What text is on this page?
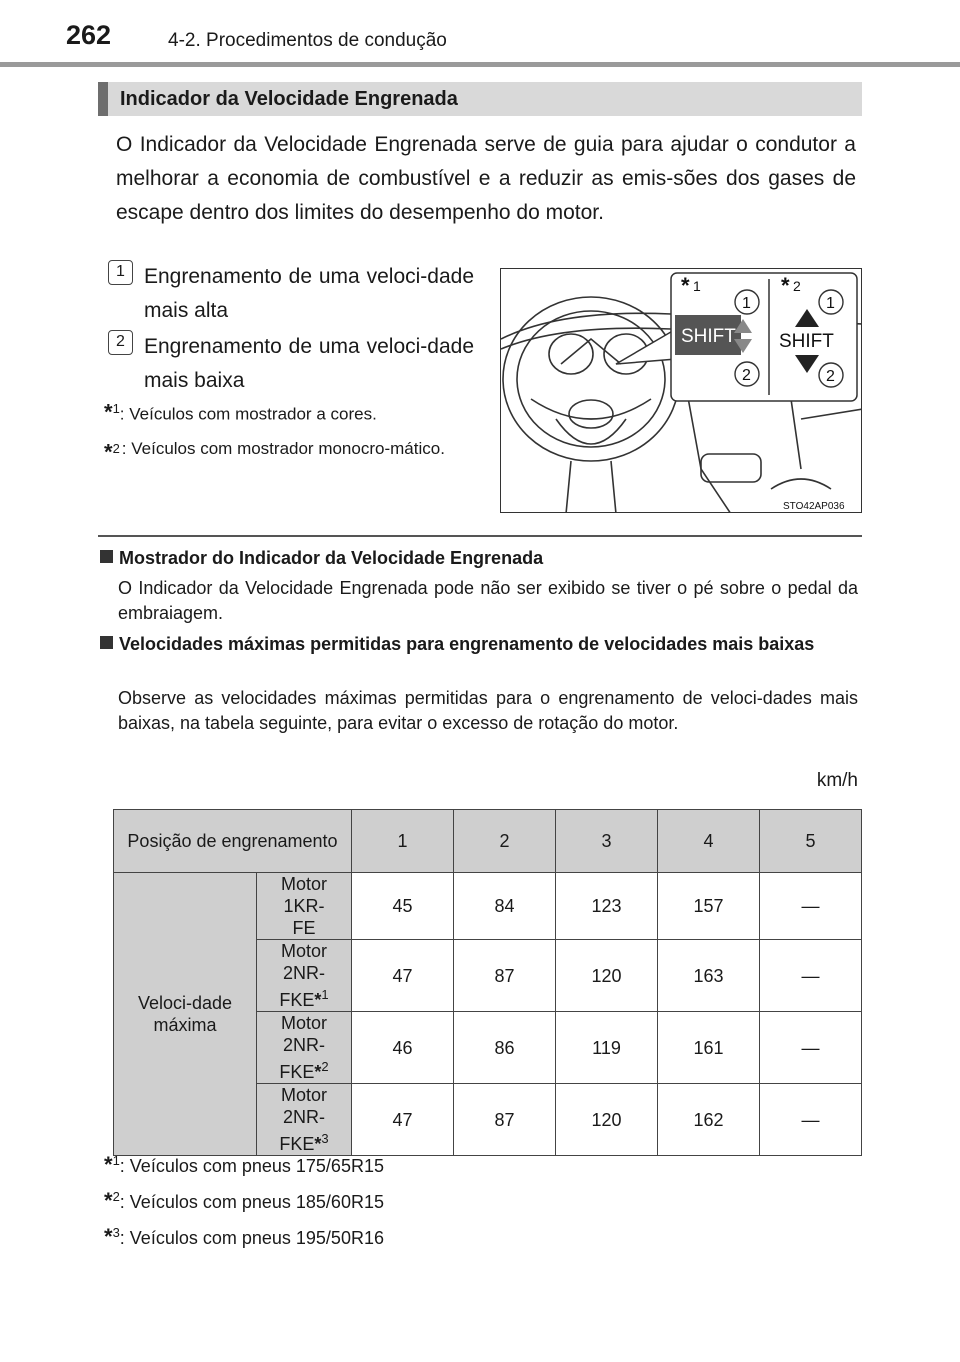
262	4-2. Procedimentos de condução
Indicador da Velocidade Engrenada
O Indicador da Velocidade Engrenada serve de guia para ajudar o condutor a melhorar a economia de combustível e a reduzir as emis-sões dos gases de escape dentro dos limites do desempenho do motor.
1 Engrenamento de uma veloci-dade mais alta
2 Engrenamento de uma veloci-dade mais baixa
*$^1$: Veículos com mostrador a cores.
*$^2$ : Veículos com mostrador monocro-mático.
* 1	* 2
SHIFT
1
2
SHIFT
1
2
STO42AP036
Mostrador do Indicador da Velocidade Engrenada
O Indicador da Velocidade Engrenada pode não ser exibido se tiver o pé sobre o pedal da embraiagem.
Velocidades máximas permitidas para engrenamento de velocidades mais baixas
Observe as velocidades máximas permitidas para o engrenamento de veloci-dades mais baixas, na tabela seguinte, para evitar o excesso de rotação do motor.
km/h
Posição de engrenamento		1	2	3	4	5
Veloci-dade máxima	Motor 1KR-FE	45	84	123	157	—
	Motor 2NR-FKE*$^1$	47	87	120	163	—
	Motor 2NR-FKE*$^2$	46	86	119	161	—
	Motor 2NR-FKE*$^3$	47	87	120	162	—
*$^1$: Veículos com pneus 175/65R15
*$^2$: Veículos com pneus 185/60R15
*$^3$: Veículos com pneus 195/50R16
